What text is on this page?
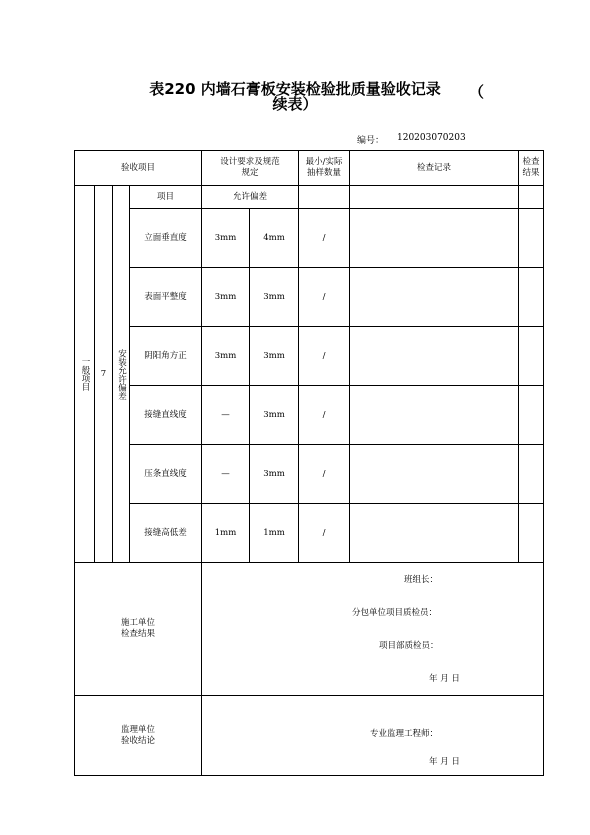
表220 内墙石膏板安装检验批质量验收记录	（
续表）
编号： 120203070203
验收项目				设计要求及规范规定		最小/实际抽样数量	检查记录	检查结果

一般项目	7	安装允许偏差	项目	允许偏差				
			立面垂直度	3mm	4mm	/		
			表面平整度	3mm	3mm	/		
			阴阳角方正	3mm	3mm	/		
			接缝直线度	—	3mm	/		
			压条直线度	—	3mm	/		
			接缝高低差	1mm	1mm	/		

施工单位检查结果				班组长：
分包单位项目质检员：
项目部质检员：
年 月 日				

监理单位验收结论				专业监理工程师：
年 月 日				
